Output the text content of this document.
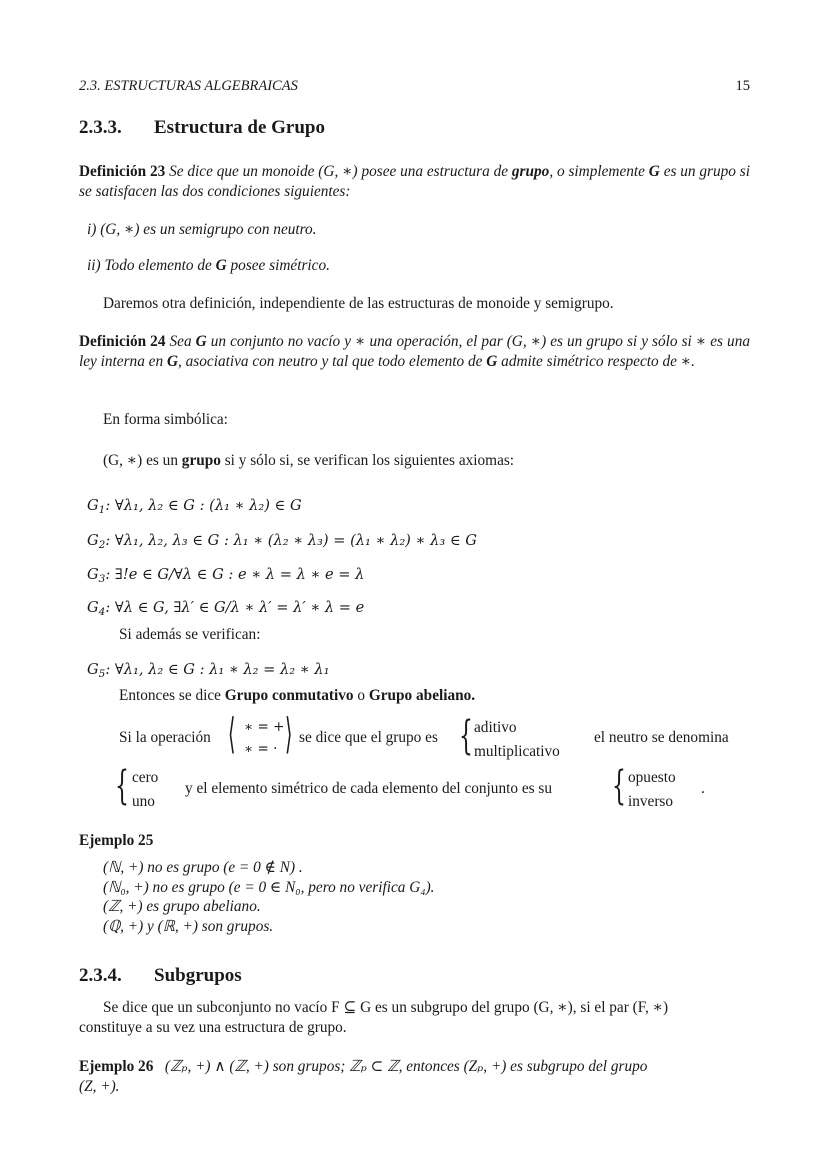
2.3. ESTRUCTURAS ALGEBRAICAS	15
2.3.3. Estructura de Grupo
Definición 23 Se dice que un monoide (G, ∗) posee una estructura de grupo, o simplemente G es un grupo si se satisfacen las dos condiciones siguientes:
i) (G, ∗) es un semigrupo con neutro.
ii) Todo elemento de G posee simétrico.
Daremos otra definición, independiente de las estructuras de monoide y semigrupo.
Definición 24 Sea G un conjunto no vacío y ∗ una operación, el par (G, ∗) es un grupo si y sólo si ∗ es una ley interna en G, asociativa con neutro y tal que todo elemento de G admite simétrico respecto de ∗.
En forma simbólica:
(G, ∗) es un grupo si y sólo si, se verifican los siguientes axiomas:
$G_1$: ∀λ₁, λ₂ ∈ G : (λ₁ ∗ λ₂) ∈ G
$G_2$: ∀λ₁, λ₂, λ₃ ∈ G : λ₁ ∗ (λ₂ ∗ λ₃) = (λ₁ ∗ λ₂) ∗ λ₃ ∈ G
$G_3$: ∃!e ∈ G/∀λ ∈ G : e ∗ λ = λ ∗ e = λ
$G_4$: ∀λ ∈ G, ∃λ′ ∈ G/λ ∗ λ′ = λ′ ∗ λ = e
Si además se verifican:
$G_5$: ∀λ₁, λ₂ ∈ G : λ₁ ∗ λ₂ = λ₂ ∗ λ₁
Entonces se dice Grupo conmutativo o Grupo abeliano.
Si la operación ⟨ ∗ = +
∗ = · ⟩ se dice que el grupo es { aditivo
multiplicativo
el neutro se denomina
{ cero
uno
y el elemento simétrico de cada elemento del conjunto es su { opuesto
inverso
.
Ejemplo 25
(ℕ, +) no es grupo (e = 0 ∉ N) .
(ℕ₀, +) no es grupo (e = 0 ∈ N₀, pero no verifica G₄).
(ℤ, +) es grupo abeliano.
(ℚ, +) y (ℝ, +) son grupos.
2.3.4. Subgrupos
Se dice que un subconjunto no vacío F ⊆ G es un subgrupo del grupo (G, ∗), si el par (F, ∗)
constituye a su vez una estructura de grupo.
Ejemplo 26 (ℤₚ, +) ∧ (ℤ, +) son grupos; ℤₚ ⊂ ℤ, entonces (Zₚ, +) es subgrupo del grupo
(Z, +).
